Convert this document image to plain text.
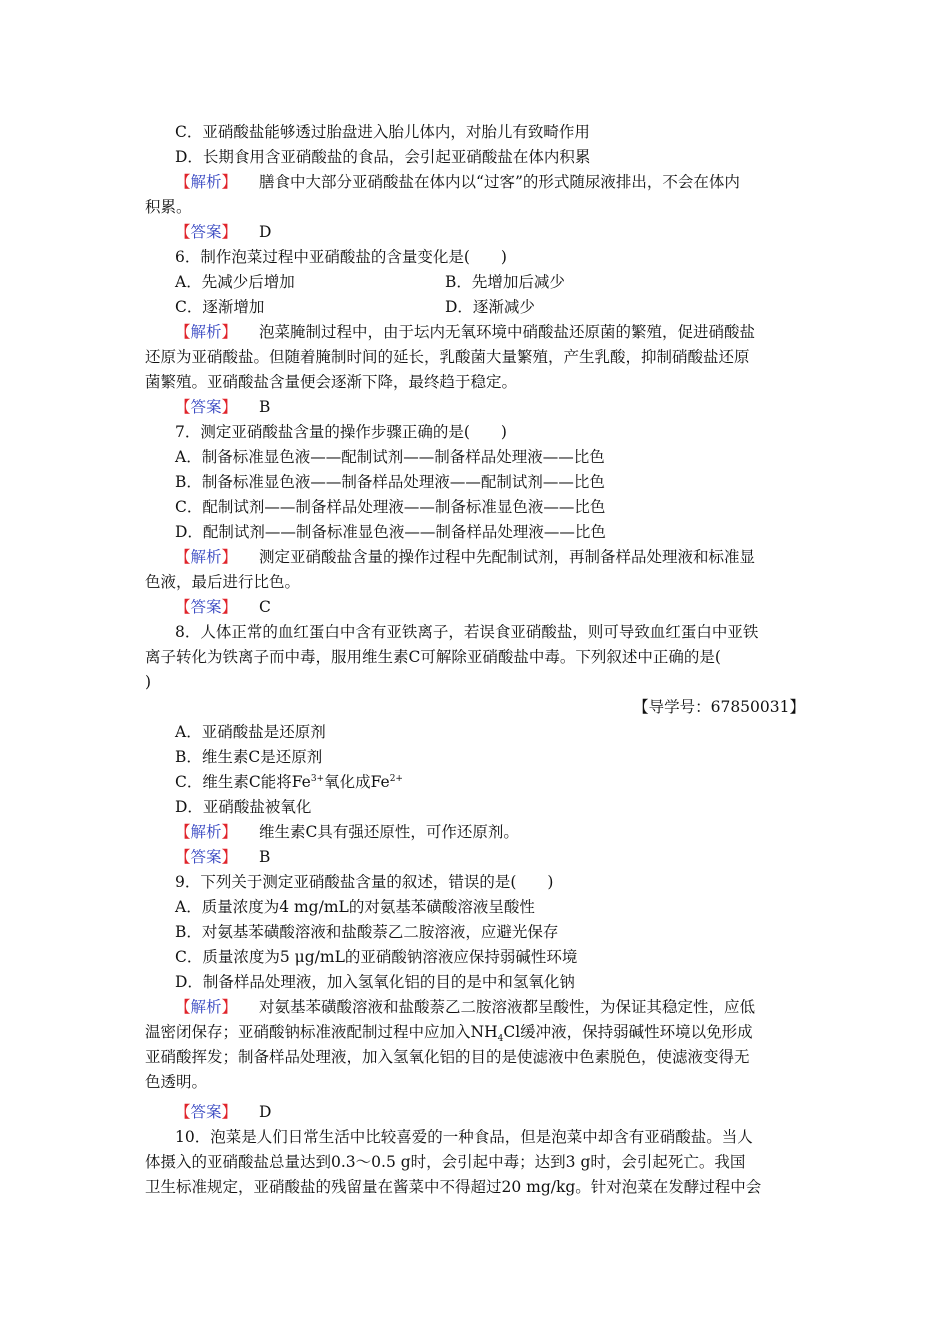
C．亚硝酸盐能够透过胎盘进入胎儿体内，对胎儿有致畸作用
D．长期食用含亚硝酸盐的食品，会引起亚硝酸盐在体内积累
【解析】 膳食中大部分亚硝酸盐在体内以“过客”的形式随尿液排出，不会在体内
积累。
【答案】 D
6．制作泡菜过程中亚硝酸盐的含量变化是(　　)
A．先减少后增加	B．先增加后减少
C．逐渐增加	D．逐渐减少
【解析】 泡菜腌制过程中，由于坛内无氧环境中硝酸盐还原菌的繁殖，促进硝酸盐
还原为亚硝酸盐。但随着腌制时间的延长，乳酸菌大量繁殖，产生乳酸，抑制硝酸盐还原
菌繁殖。亚硝酸盐含量便会逐渐下降，最终趋于稳定。
【答案】 B
7．测定亚硝酸盐含量的操作步骤正确的是(　　)
A．制备标准显色液——配制试剂——制备样品处理液——比色
B．制备标准显色液——制备样品处理液——配制试剂——比色
C．配制试剂——制备样品处理液——制备标准显色液——比色
D．配制试剂——制备标准显色液——制备样品处理液——比色
【解析】 测定亚硝酸盐含量的操作过程中先配制试剂，再制备样品处理液和标准显
色液，最后进行比色。
【答案】 C
8．人体正常的血红蛋白中含有亚铁离子，若误食亚硝酸盐，则可导致血红蛋白中亚铁
离子转化为铁离子而中毒，服用维生素C可解除亚硝酸盐中毒。下列叙述中正确的是(
)
【导学号：67850031】
A．亚硝酸盐是还原剂
B．维生素C是还原剂
C．维生素C能将$Fe^{3+}$氧化成$Fe^{2+}$
D．亚硝酸盐被氧化
【解析】 维生素C具有强还原性，可作还原剂。
【答案】 B
9．下列关于测定亚硝酸盐含量的叙述，错误的是(　　)
A．质量浓度为4 mg/mL的对氨基苯磺酸溶液呈酸性
B．对氨基苯磺酸溶液和盐酸萘乙二胺溶液，应避光保存
C．质量浓度为5 μg/mL的亚硝酸钠溶液应保持弱碱性环境
D．制备样品处理液，加入氢氧化铝的目的是中和氢氧化钠
【解析】 对氨基苯磺酸溶液和盐酸萘乙二胺溶液都呈酸性，为保证其稳定性，应低
温密闭保存；亚硝酸钠标准液配制过程中应加入$NH_4Cl$缓冲液，保持弱碱性环境以免形成
亚硝酸挥发；制备样品处理液，加入氢氧化铝的目的是使滤液中色素脱色，使滤液变得无
色透明。
【答案】 D
10．泡菜是人们日常生活中比较喜爱的一种食品，但是泡菜中却含有亚硝酸盐。当人
体摄入的亚硝酸盐总量达到0.3～0.5 g时，会引起中毒；达到3 g时，会引起死亡。我国
卫生标准规定，亚硝酸盐的残留量在酱菜中不得超过20 mg/kg。针对泡菜在发酵过程中会
